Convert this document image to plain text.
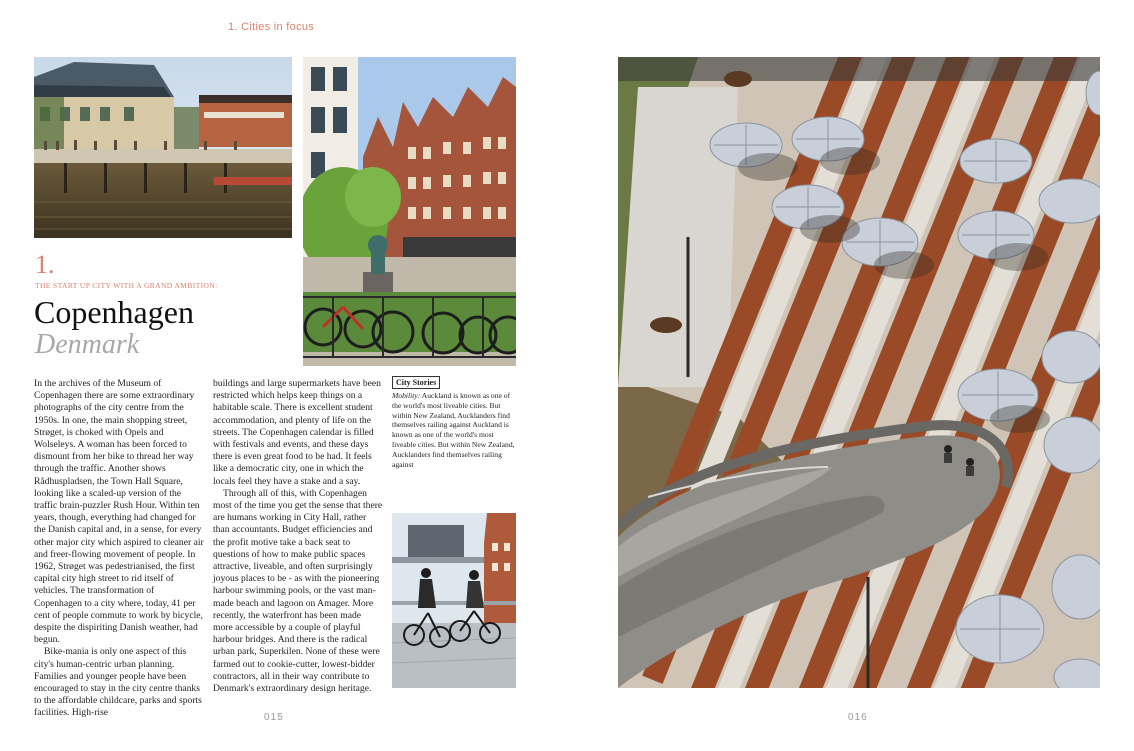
1. Cities in focus
1.
THE START UP CITY WITH A GRAND AMBITION:
Copenhagen
Denmark

In the archives of the Museum of Copenhagen there are some extraordinary photographs of the city centre from the 1950s. In one, the main shopping street, Strøget, is choked with Opels and Wolseleys. A woman has been forced to dismount from her bike to thread her way through the traffic. Another shows Rådhuspladsen, the Town Hall Square, looking like a scaled-up version of the traffic brain-puzzler Rush Hour. Within ten years, though, everything had changed for the Danish capital and, in a sense, for every other major city which aspired to cleaner air and freer-flowing movement of people. In 1962, Strøget was pedestrianised, the first capital city high street to rid itself of vehicles. The transformation of Copenhagen to a city where, today, 41 per cent of people commute to work by bicycle, despite the dispiriting Danish weather, had begun.

Bike-mania is only one aspect of this city's human-centric urban planning. Families and younger people have been encouraged to stay in the city centre thanks to the affordable childcare, parks and sports facilities. High-rise

buildings and large supermarkets have been restricted which helps keep things on a habitable scale. There is excellent student accommodation, and plenty of life on the streets. The Copenhagen calendar is filled with festivals and events, and these days there is even great food to be had. It feels like a democratic city, one in which the locals feel they have a stake and a say.

Through all of this, with Copenhagen most of the time you get the sense that there are humans working in City Hall, rather than accountants. Budget efficiencies and the profit motive take a back seat to questions of how to make public spaces attractive, liveable, and often surprisingly joyous places to be - as with the pioneering harbour swimming pools, or the vast man-made beach and lagoon on Amager. More recently, the waterfront has been made more accessible by a couple of playful harbour bridges. And there is the radical urban park, Superkilen. None of these were farmed out to cookie-cutter, lowest-bidder contractors, all in their way contribute to Denmark's extraordinary design heritage.

City Stories
Mobility: Auckland is known as one of the world's most liveable cities. But within New Zealand, Aucklanders find themselves railing against Auckland is known as one of the world's most liveable cities. But within New Zealand, Aucklanders find themselves railing against
015	016
